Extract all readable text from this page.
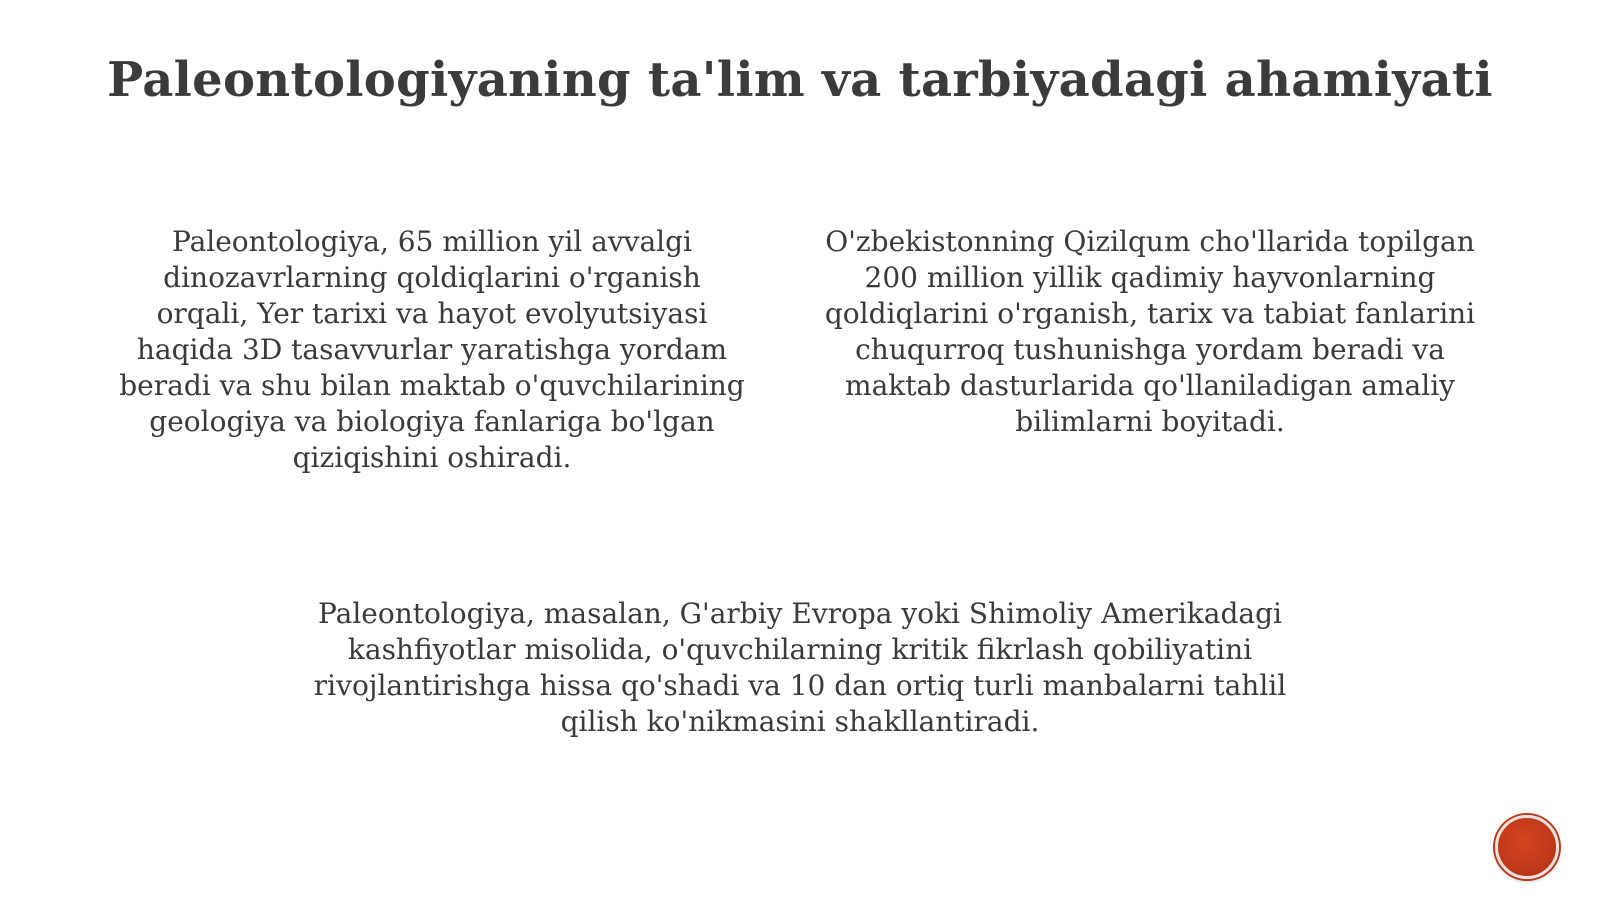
Paleontologiyaning ta'lim va tarbiyadagi ahamiyati

Paleontologiya, 65 million yil avvalgi
dinozavrlarning qoldiqlarini o'rganish
orqali, Yer tarixi va hayot evolyutsiyasi
haqida 3D tasavvurlar yaratishga yordam
beradi va shu bilan maktab o'quvchilarining
geologiya va biologiya fanlariga bo'lgan
qiziqishini oshiradi.

O'zbekistonning Qizilqum cho'llarida topilgan
200 million yillik qadimiy hayvonlarning
qoldiqlarini o'rganish, tarix va tabiat fanlarini
chuqurroq tushunishga yordam beradi va
maktab dasturlarida qo'llaniladigan amaliy
bilimlarni boyitadi.

Paleontologiya, masalan, G'arbiy Evropa yoki Shimoliy Amerikadagi
kashfiyotlar misolida, o'quvchilarning kritik fikrlash qobiliyatini
rivojlantirishga hissa qo'shadi va 10 dan ortiq turli manbalarni tahlil
qilish ko'nikmasini shakllantiradi.
